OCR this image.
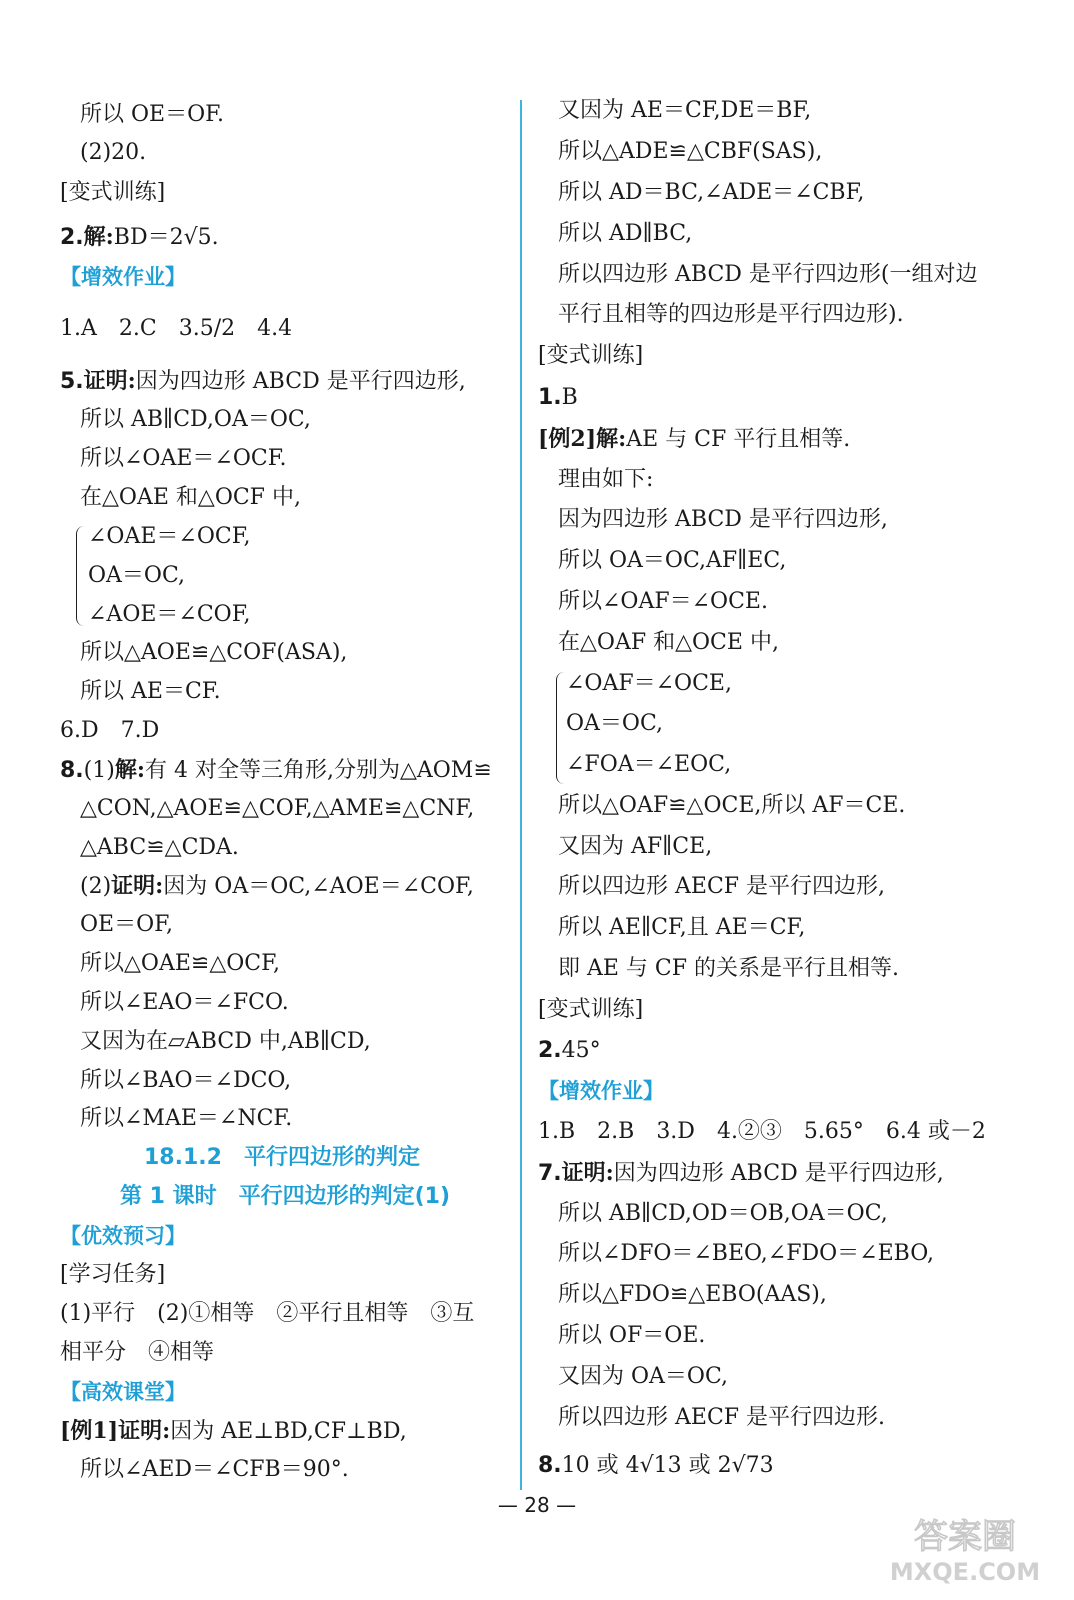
所以 OE＝OF.
(2)20.
[变式训练]
2.解:BD＝2√5.
【增效作业】
1.A　2.C　3.5/2　4.4
5.证明:因为四边形 ABCD 是平行四边形,
所以 AB∥CD,OA＝OC,
所以∠OAE＝∠OCF.
在△OAE 和△OCF 中,
∠OAE＝∠OCF,
OA＝OC,
∠AOE＝∠COF,
所以△AOE≌△COF(ASA),
所以 AE＝CF.
6.D　7.D
8.(1)解:有 4 对全等三角形,分别为△AOM≌
△CON,△AOE≌△COF,△AME≌△CNF,
△ABC≌△CDA.
(2)证明:因为 OA＝OC,∠AOE＝∠COF,
OE＝OF,
所以△OAE≌△OCF,
所以∠EAO＝∠FCO.
又因为在▱ABCD 中,AB∥CD,
所以∠BAO＝∠DCO,
所以∠MAE＝∠NCF.
18.1.2　平行四边形的判定
第 1 课时　平行四边形的判定(1)
【优效预习】
[学习任务]
(1)平行　(2)①相等　②平行且相等　③互
相平分　④相等
【高效课堂】
[例1]证明:因为 AE⊥BD,CF⊥BD,
所以∠AED＝∠CFB＝90°.
又因为 AE＝CF,DE＝BF,
所以△ADE≌△CBF(SAS),
所以 AD＝BC,∠ADE＝∠CBF,
所以 AD∥BC,
所以四边形 ABCD 是平行四边形(一组对边
平行且相等的四边形是平行四边形).
[变式训练]
1.B
[例2]解:AE 与 CF 平行且相等.
理由如下:
因为四边形 ABCD 是平行四边形,
所以 OA＝OC,AF∥EC,
所以∠OAF＝∠OCE.
在△OAF 和△OCE 中,
∠OAF＝∠OCE,
OA＝OC,
∠FOA＝∠EOC,
所以△OAF≌△OCE,所以 AF＝CE.
又因为 AF∥CE,
所以四边形 AECF 是平行四边形,
所以 AE∥CF,且 AE＝CF,
即 AE 与 CF 的关系是平行且相等.
[变式训练]
2.45°
【增效作业】
1.B　2.B　3.D　4.②③　5.65°　6.4 或－2
7.证明:因为四边形 ABCD 是平行四边形,
所以 AB∥CD,OD＝OB,OA＝OC,
所以∠DFO＝∠BEO,∠FDO＝∠EBO,
所以△FDO≌△EBO(AAS),
所以 OF＝OE.
又因为 OA＝OC,
所以四边形 AECF 是平行四边形.
8.10 或 4√13 或 2√73
— 28 —
答案圈
MXQE.COM
